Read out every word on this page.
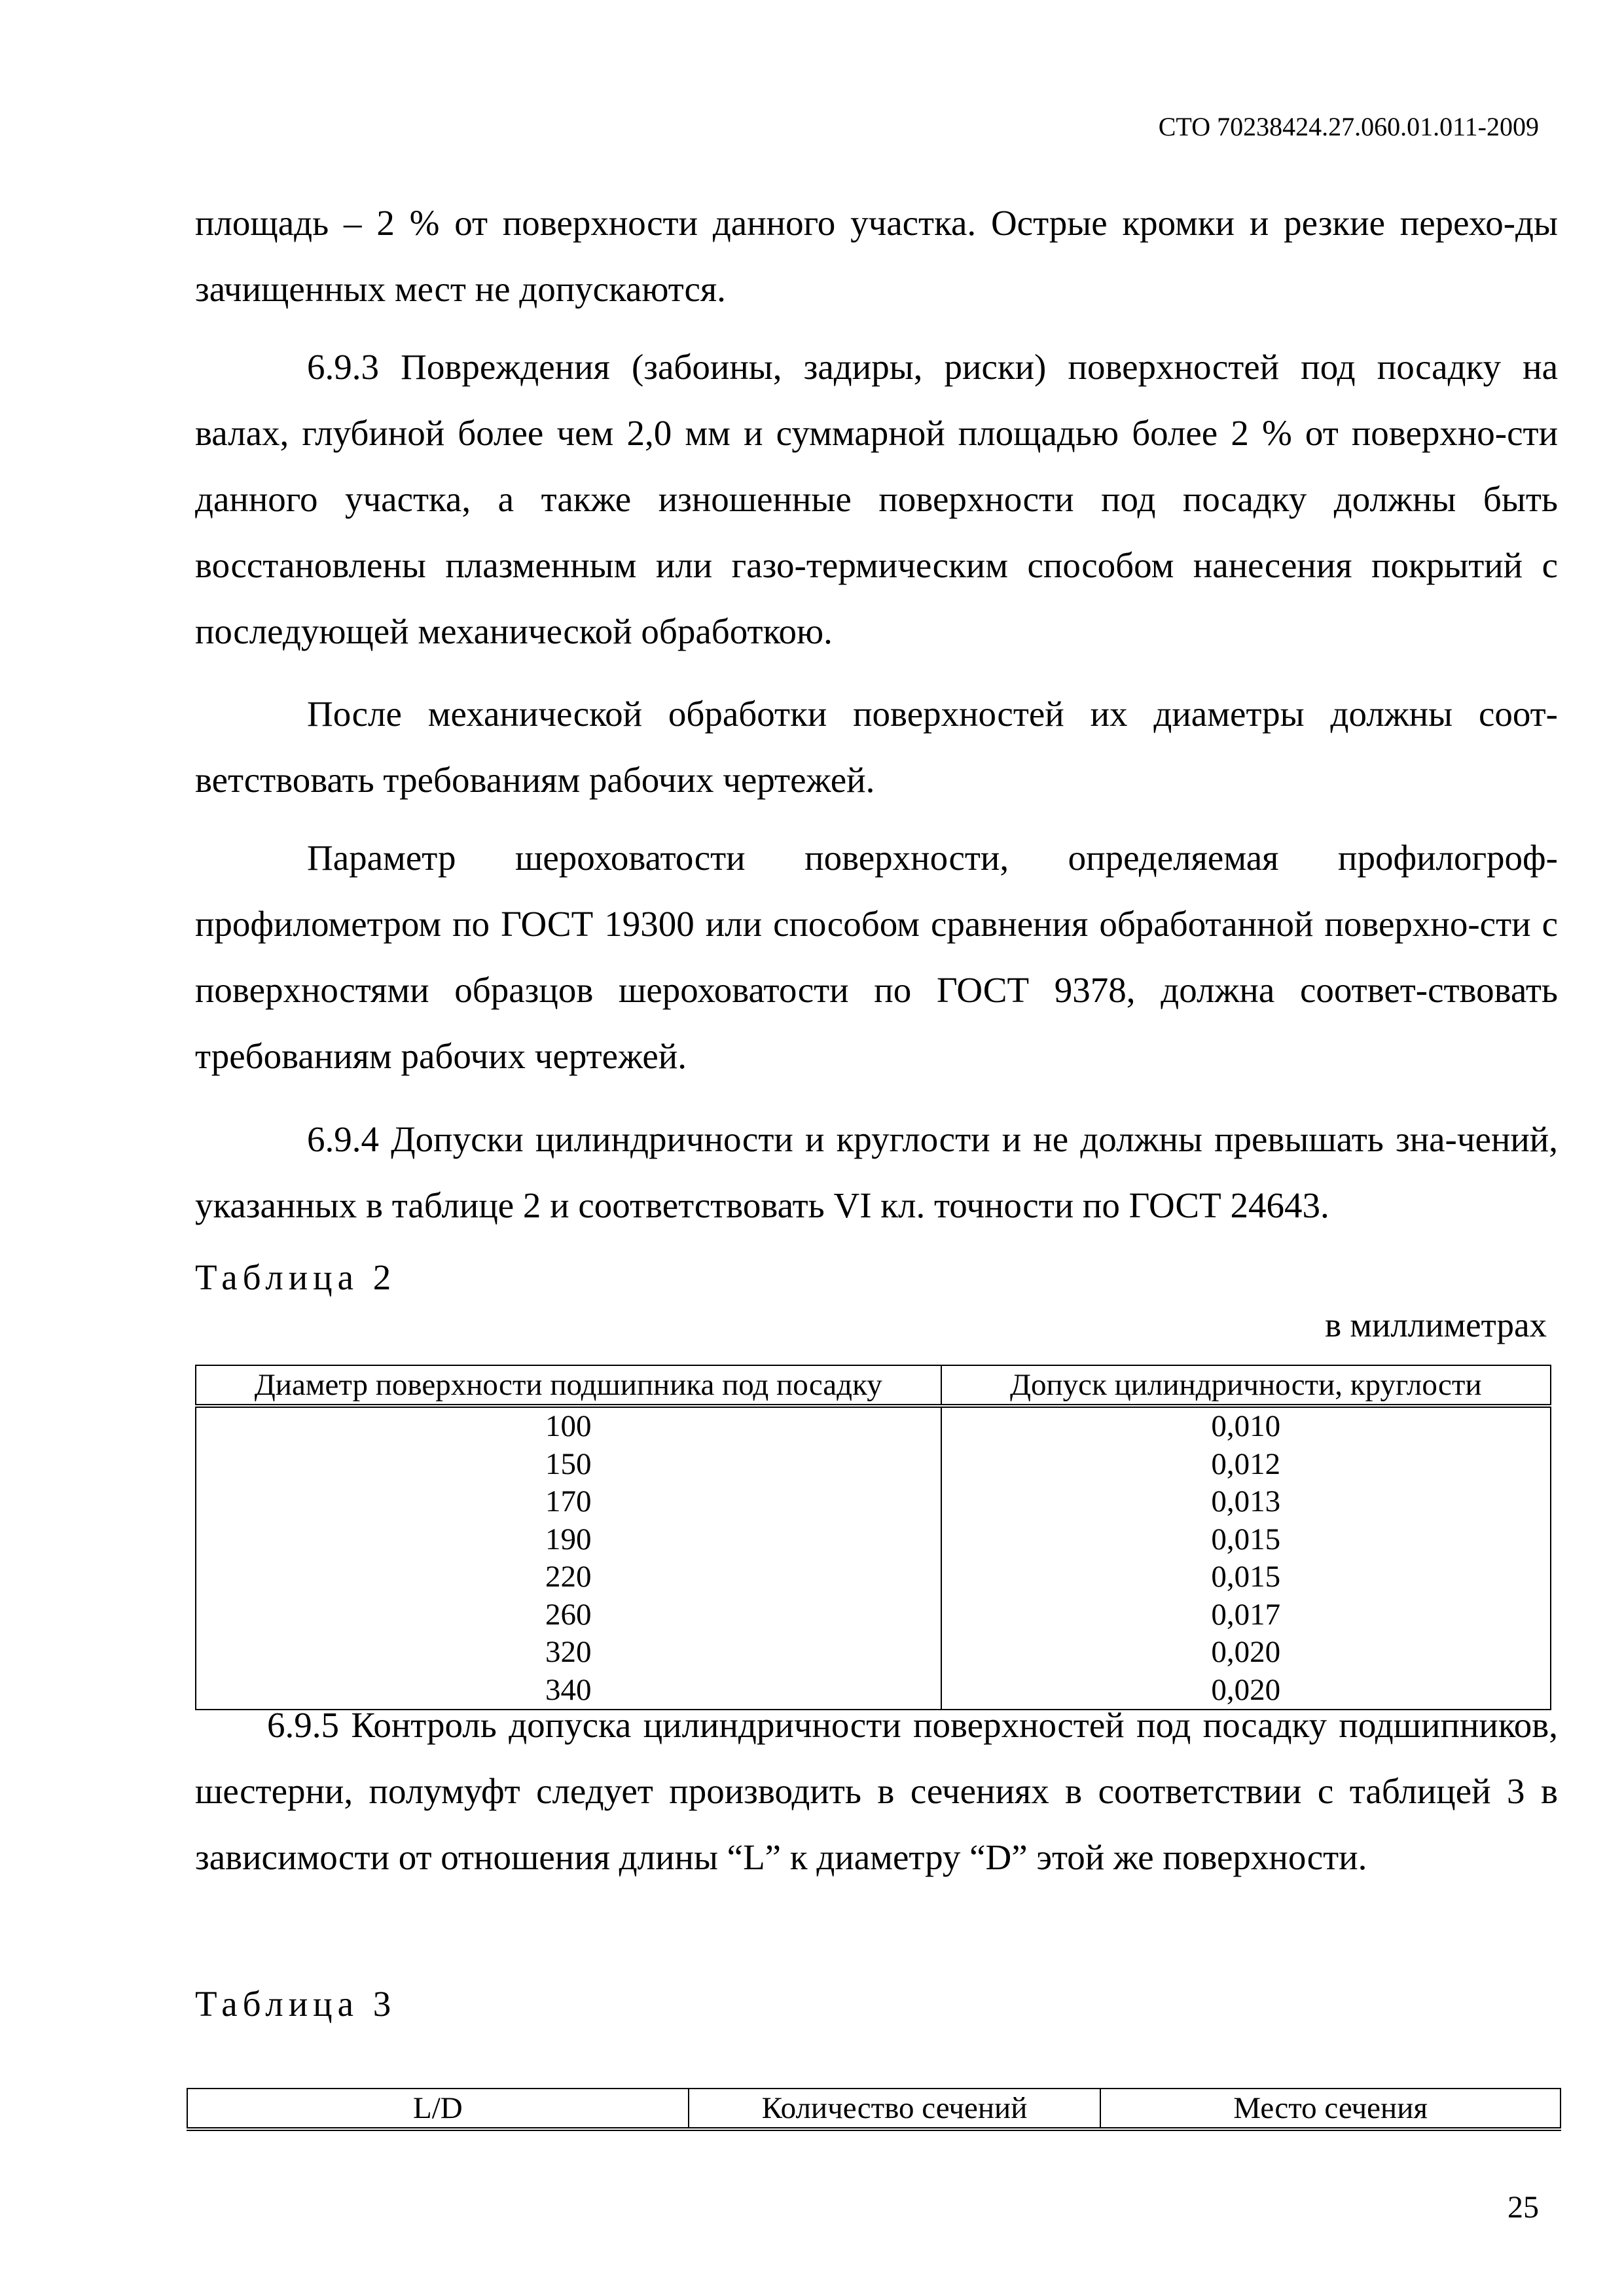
СТО 70238424.27.060.01.011-2009
площадь – 2 % от поверхности данного участка. Острые кромки и резкие перехо-ды зачищенных мест не допускаются.
6.9.3 Повреждения (забоины, задиры, риски) поверхностей под посадку на валах, глубиной более чем 2,0 мм и суммарной площадью более 2 % от поверхно-сти данного участка, а также изношенные поверхности под посадку должны быть восстановлены плазменным или газо-термическим способом нанесения покрытий с последующей механической обработкою.
После механической обработки поверхностей их диаметры должны соот-ветствовать требованиям рабочих чертежей.
Параметр шероховатости поверхности, определяемая профилогроф-профилометром по ГОСТ 19300 или способом сравнения обработанной поверхно-сти с поверхностями образцов шероховатости по ГОСТ 9378, должна соответ-ствовать требованиям рабочих чертежей.
6.9.4 Допуски цилиндричности и круглости и не должны превышать зна-чений, указанных в таблице 2 и соответствовать VI кл. точности по ГОСТ 24643.
Таблица 2
в миллиметрах
Диаметр поверхности подшипника под посадку	Допуск цилиндричности, круглости
100	0,010
150	0,012
170	0,013
190	0,015
220	0,015
260	0,017
320	0,020
340	0,020
6.9.5 Контроль допуска цилиндричности поверхностей под посадку подшипников, шестерни, полумуфт следует производить в сечениях в соответствии с таблицей 3 в зависимости от отношения длины “L” к диаметру “D” этой же поверхности.
Таблица 3
L/D	Количество сечений	Место сечения
25
